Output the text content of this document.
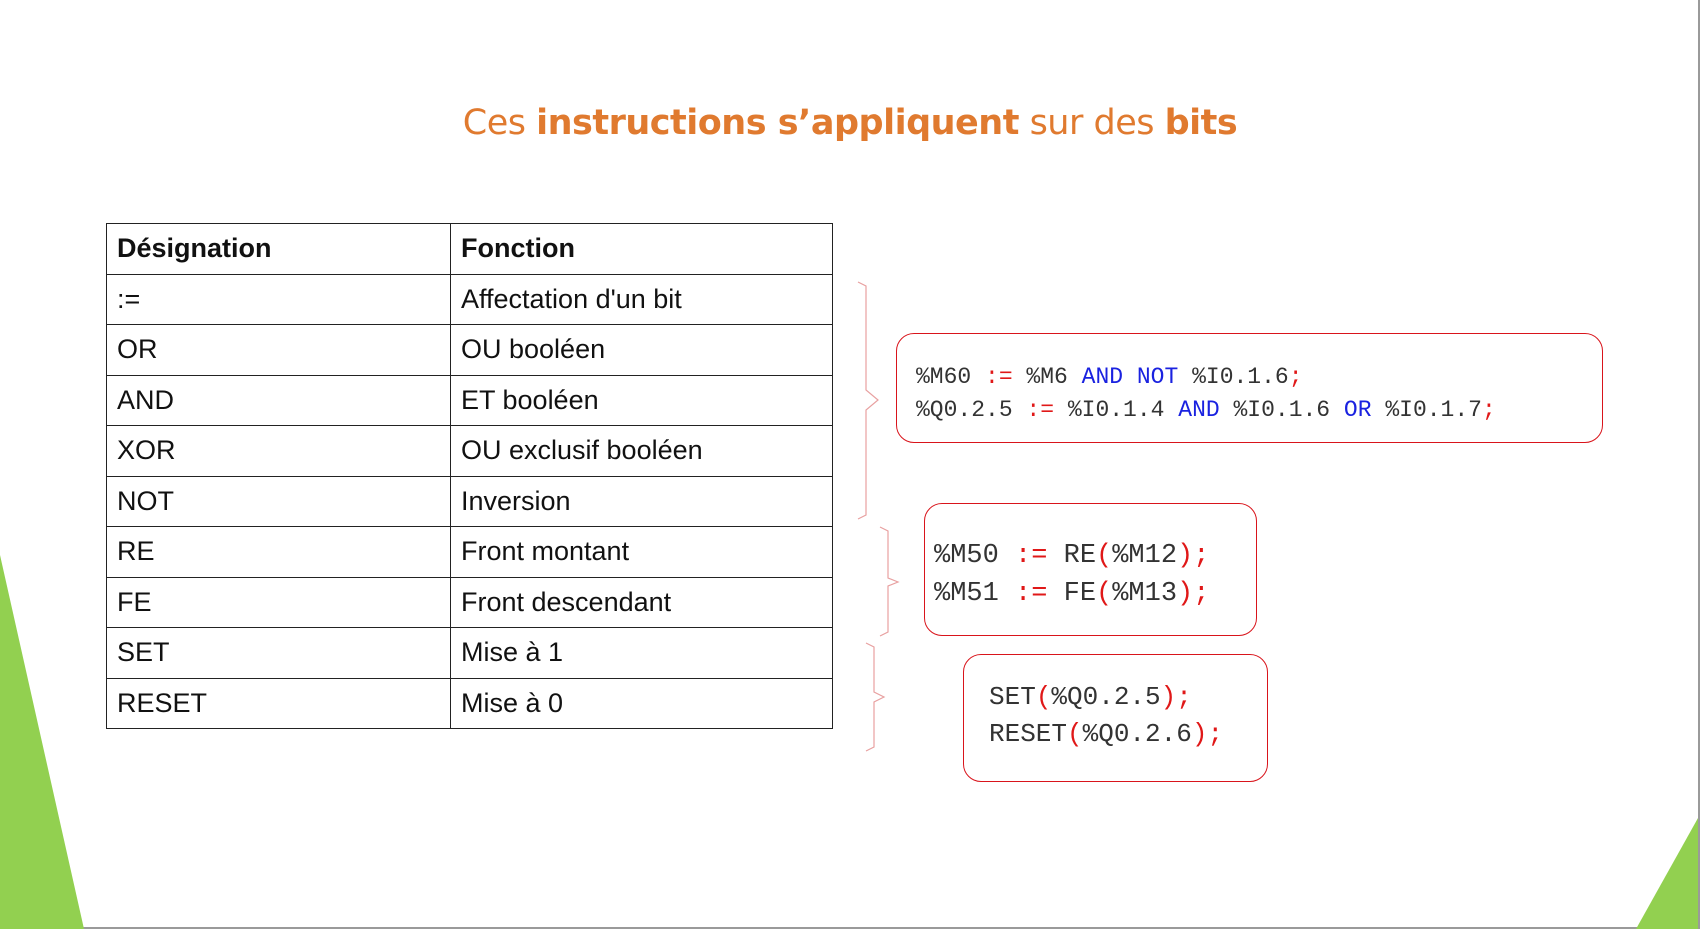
Ces instructions s’appliquent sur des bits
Désignation	Fonction
:=	Affectation d'un bit
OR	OU booléen
AND	ET booléen
XOR	OU exclusif booléen
NOT	Inversion
RE	Front montant
FE	Front descendant
SET	Mise à 1
RESET	Mise à 0
%M60 := %M6 AND NOT %I0.1.6;
%Q0.2.5 := %I0.1.4 AND %I0.1.6 OR %I0.1.7;
%M50 := RE(%M12);
%M51 := FE(%M13);
SET(%Q0.2.5);
RESET(%Q0.2.6);
